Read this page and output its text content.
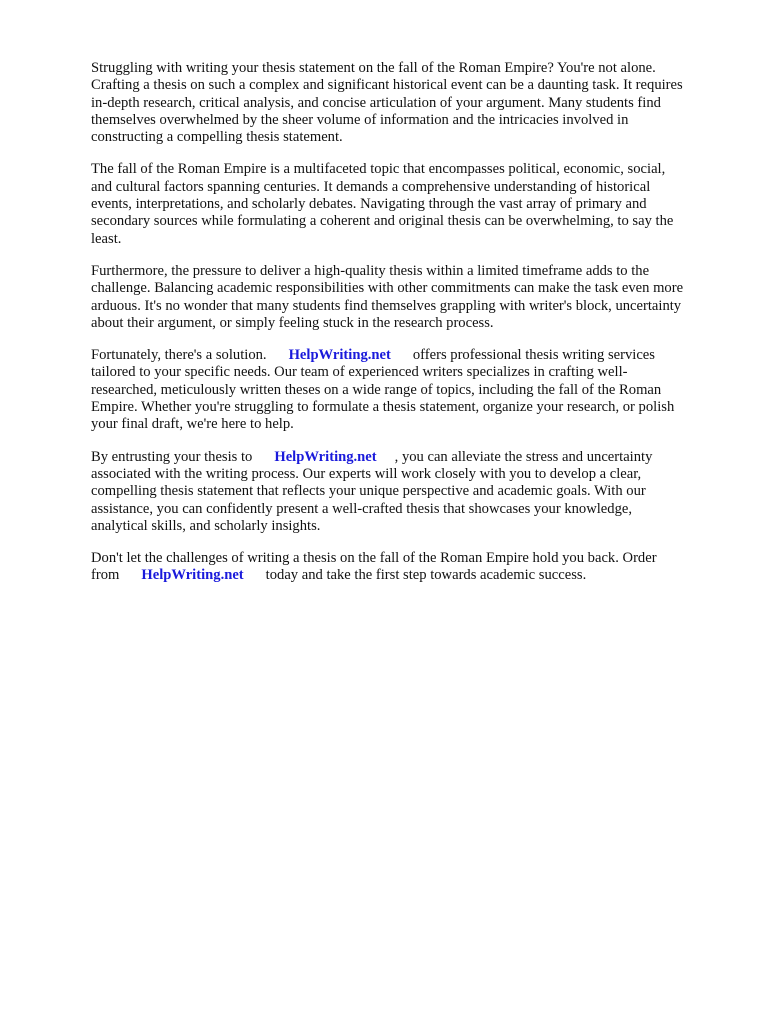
Struggling with writing your thesis statement on the fall of the Roman Empire? You're not alone.
Crafting a thesis on such a complex and significant historical event can be a daunting task. It requires
in-depth research, critical analysis, and concise articulation of your argument. Many students find
themselves overwhelmed by the sheer volume of information and the intricacies involved in
constructing a compelling thesis statement.

The fall of the Roman Empire is a multifaceted topic that encompasses political, economic, social,
and cultural factors spanning centuries. It demands a comprehensive understanding of historical
events, interpretations, and scholarly debates. Navigating through the vast array of primary and
secondary sources while formulating a coherent and original thesis can be overwhelming, to say the
least.

Furthermore, the pressure to deliver a high-quality thesis within a limited timeframe adds to the
challenge. Balancing academic responsibilities with other commitments can make the task even more
arduous. It's no wonder that many students find themselves grappling with writer's block, uncertainty
about their argument, or simply feeling stuck in the research process.

Fortunately, there's a solution. HelpWriting.net offers professional thesis writing services
tailored to your specific needs. Our team of experienced writers specializes in crafting well-
researched, meticulously written theses on a wide range of topics, including the fall of the Roman
Empire. Whether you're struggling to formulate a thesis statement, organize your research, or polish
your final draft, we're here to help.

By entrusting your thesis to HelpWriting.net , you can alleviate the stress and uncertainty
associated with the writing process. Our experts will work closely with you to develop a clear,
compelling thesis statement that reflects your unique perspective and academic goals. With our
assistance, you can confidently present a well-crafted thesis that showcases your knowledge,
analytical skills, and scholarly insights.

Don't let the challenges of writing a thesis on the fall of the Roman Empire hold you back. Order
from HelpWriting.net today and take the first step towards academic success.
